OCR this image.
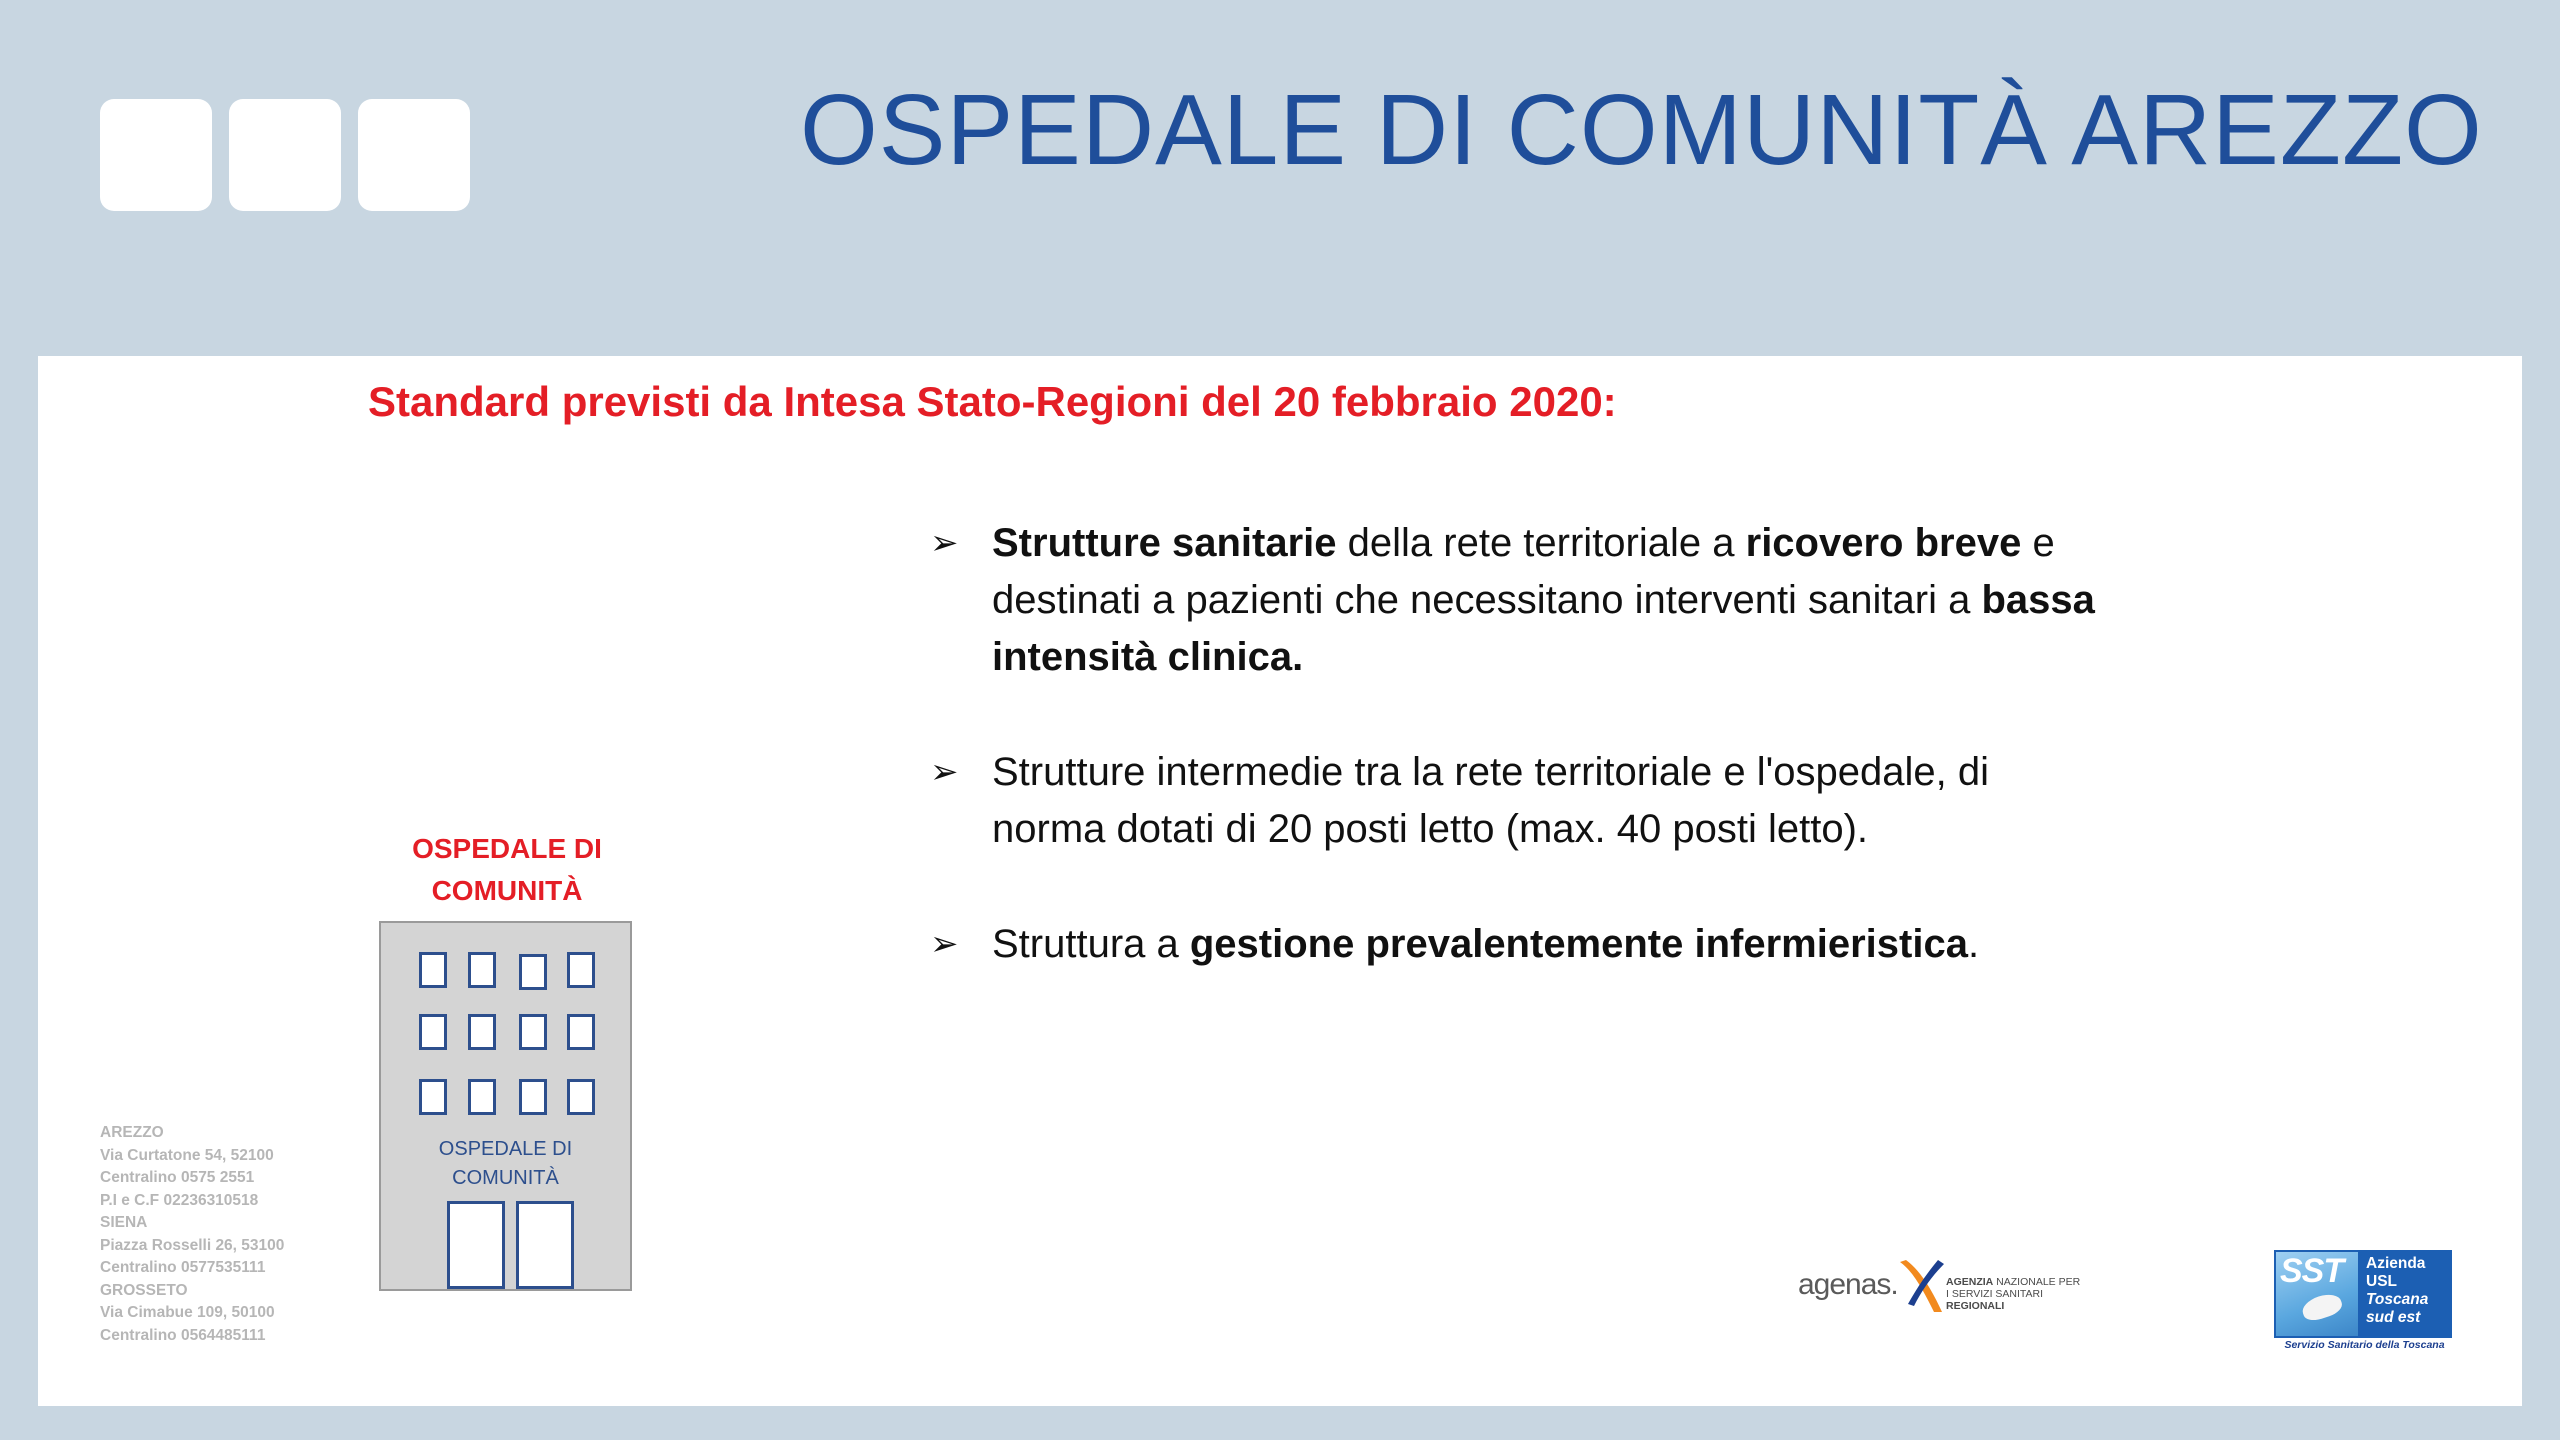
OSPEDALE DI COMUNITÀ AREZZO
Standard previsti da Intesa Stato-Regioni del 20 febbraio 2020:
➢ Strutture sanitarie della rete territoriale a ricovero breve e destinati a pazienti che necessitano interventi sanitari a bassa intensità clinica.
➢ Strutture intermedie tra la rete territoriale e l'ospedale, di norma dotati di 20 posti letto (max. 40 posti letto).
➢ Struttura a gestione prevalentemente infermieristica.
OSPEDALE DI
COMUNITÀ
OSPEDALE DI
COMUNITÀ
AREZZO
Via Curtatone 54, 52100
Centralino 0575 2551
P.I e C.F 02236310518
SIENA
Piazza Rosselli 26, 53100
Centralino 0577535111
GROSSETO
Via Cimabue 109, 50100
Centralino 0564485111
agenas.	AGENZIA NAZIONALE PER
I SERVIZI SANITARI REGIONALI
SST Azienda
USL
Toscana
sud est
Servizio Sanitario della Toscana
